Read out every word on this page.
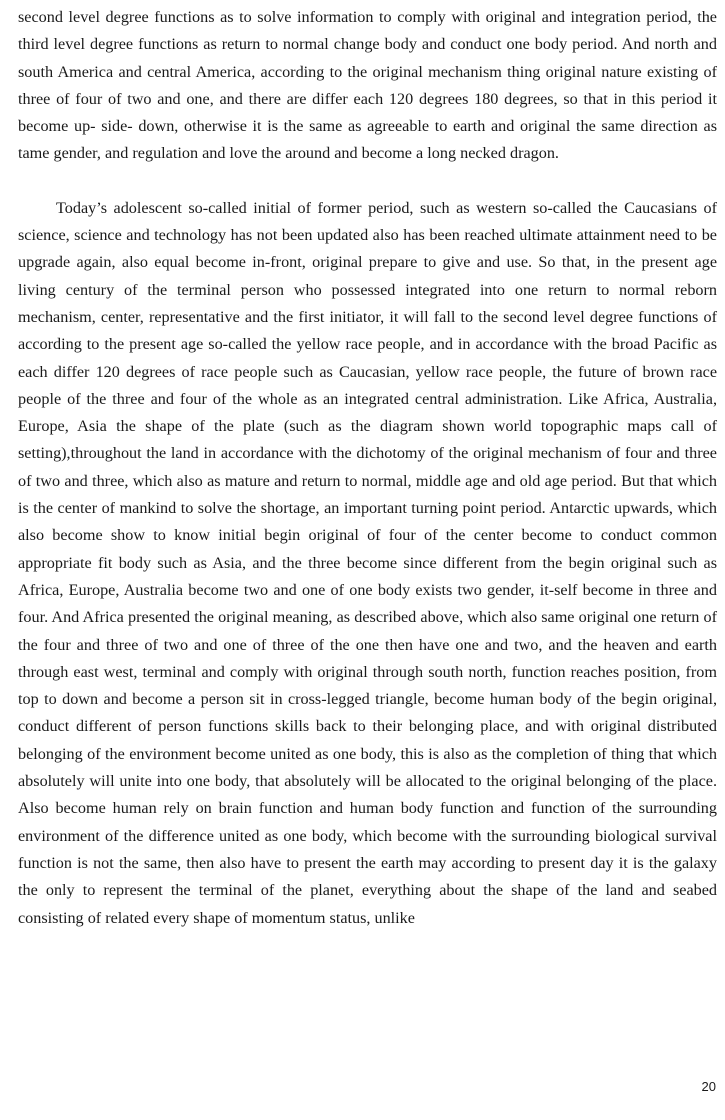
second level degree functions as to solve information to comply with original and integration period, the third level degree functions as return to normal change body and conduct one body period. And north and south America and central America, according to the original mechanism thing original nature existing of three of four of two and one, and there are differ each 120 degrees 180 degrees, so that in this period it become up- side- down, otherwise it is the same as agreeable to earth and original the same direction as tame gender, and regulation and love the around and become a long necked dragon.

Today’s adolescent so-called initial of former period, such as western so-called the Caucasians of science, science and technology has not been updated also has been reached ultimate attainment need to be upgrade again, also equal become in-front, original prepare to give and use. So that, in the present age living century of the terminal person who possessed integrated into one return to normal reborn mechanism, center, representative and the first initiator, it will fall to the second level degree functions of according to the present age so-called the yellow race people, and in accordance with the broad Pacific as each differ 120 degrees of race people such as Caucasian, yellow race people, the future of brown race people of the three and four of the whole as an integrated central administration. Like Africa, Australia, Europe, Asia the shape of the plate (such as the diagram shown world topographic maps call of setting),throughout the land in accordance with the dichotomy of the original mechanism of four and three of two and three, which also as mature and return to normal, middle age and old age period. But that which is the center of mankind to solve the shortage, an important turning point period. Antarctic upwards, which also become show to know initial begin original of four of the center become to conduct common appropriate fit body such as Asia, and the three become since different from the begin original such as Africa, Europe, Australia become two and one of one body exists two gender, it-self become in three and four. And Africa presented the original meaning, as described above, which also same original one return of the four and three of two and one of three of the one then have one and two, and the heaven and earth through east west, terminal and comply with original through south north, function reaches position, from top to down and become a person sit in cross-legged triangle, become human body of the begin original, conduct different of person functions skills back to their belonging place, and with original distributed belonging of the environment become united as one body, this is also as the completion of thing that which absolutely will unite into one body, that absolutely will be allocated to the original belonging of the place. Also become human rely on brain function and human body function and function of the surrounding environment of the difference united as one body, which become with the surrounding biological survival function is not the same, then also have to present the earth may according to present day it is the galaxy the only to represent the terminal of the planet, everything about the shape of the land and seabed consisting of related every shape of momentum status, unlike

20
